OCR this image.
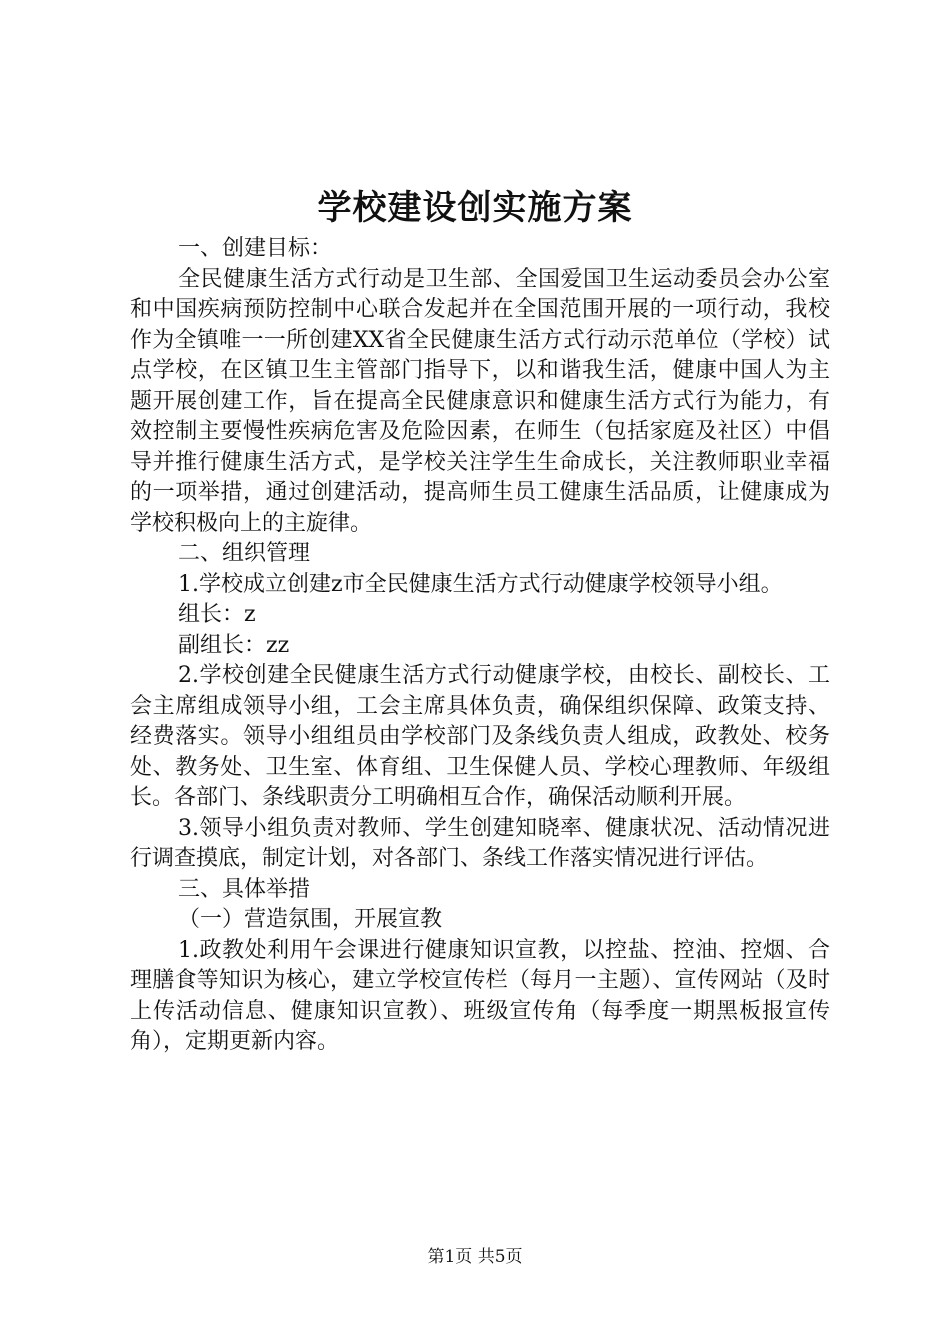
学校建设创实施方案

一、创建目标：

全民健康生活方式行动是卫生部、全国爱国卫生运动委员会办公室和中国疾病预防控制中心联合发起并在全国范围开展的一项行动，我校作为全镇唯一一所创建XX省全民健康生活方式行动示范单位（学校）试点学校，在区镇卫生主管部门指导下，以和谐我生活，健康中国人为主题开展创建工作，旨在提高全民健康意识和健康生活方式行为能力，有效控制主要慢性疾病危害及危险因素，在师生（包括家庭及社区）中倡导并推行健康生活方式，是学校关注学生生命成长，关注教师职业幸福的一项举措，通过创建活动，提高师生员工健康生活品质，让健康成为学校积极向上的主旋律。

二、组织管理

1.学校成立创建z市全民健康生活方式行动健康学校领导小组。

组长：z

副组长：zz

2.学校创建全民健康生活方式行动健康学校，由校长、副校长、工会主席组成领导小组，工会主席具体负责，确保组织保障、政策支持、经费落实。领导小组组员由学校部门及条线负责人组成，政教处、校务处、教务处、卫生室、体育组、卫生保健人员、学校心理教师、年级组长。各部门、条线职责分工明确相互合作，确保活动顺利开展。

3.领导小组负责对教师、学生创建知晓率、健康状况、活动情况进行调查摸底，制定计划，对各部门、条线工作落实情况进行评估。

三、具体举措

（一）营造氛围，开展宣教

1.政教处利用午会课进行健康知识宣教，以控盐、控油、控烟、合理膳食等知识为核心，建立学校宣传栏（每月一主题）、宣传网站（及时上传活动信息、健康知识宣教）、班级宣传角（每季度一期黑板报宣传角），定期更新内容。

第1页 共5页
